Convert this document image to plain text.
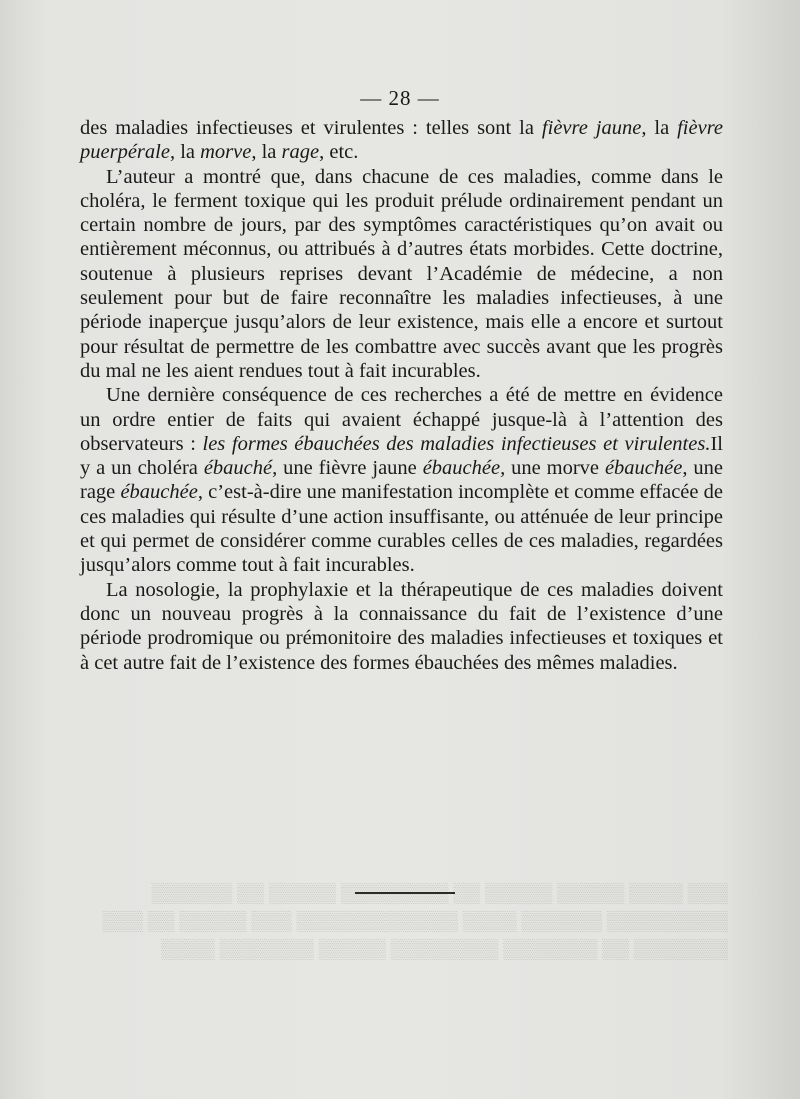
▒▒▒ ▒▒▒▒ ▒▒▒▒▒ ▒▒▒▒▒ ▒▒ ▒▒▒▒▒▒▒▒ ▒▒▒▒▒ ▒▒ ▒▒▒▒▒▒
▒▒▒▒▒▒▒▒▒ ▒▒▒▒▒▒ ▒▒▒▒ ▒▒▒▒▒▒▒▒▒▒▒▒ ▒▒▒ ▒▒▒▒▒ ▒▒ ▒▒▒
▒▒▒▒▒▒▒ ▒▒ ▒▒▒▒▒▒▒ ▒▒▒▒▒▒▒▒ ▒▒▒▒▒ ▒▒▒▒▒▒▒ ▒▒▒▒
— 28 —

des maladies infectieuses et virulentes : telles sont la fièvre jaune, la fièvre puerpérale, la morve, la rage, etc.

L’auteur a montré que, dans chacune de ces maladies, comme dans le choléra, le ferment toxique qui les produit prélude ordinairement pendant un certain nombre de jours, par des symptômes caractéristiques qu’on avait ou entièrement méconnus, ou attribués à d’autres états morbides. Cette doctrine, soutenue à plusieurs reprises devant l’Académie de médecine, a non seulement pour but de faire reconnaître les maladies infectieuses, à une période inaperçue jusqu’alors de leur existence, mais elle a encore et surtout pour résultat de permettre de les combattre avec succès avant que les progrès du mal ne les aient rendues tout à fait incurables.

Une dernière conséquence de ces recherches a été de mettre en évidence un ordre entier de faits qui avaient échappé jusque-là à l’attention des observateurs : les formes ébauchées des maladies infectieuses et virulentes.Il y a un choléra ébauché, une fièvre jaune ébauchée, une morve ébauchée, une rage ébauchée, c’est-à-dire une manifestation incomplète et comme effacée de ces maladies qui résulte d’une action insuffisante, ou atténuée de leur principe et qui permet de considérer comme curables celles de ces maladies, regardées jusqu’alors comme tout à fait incurables.

La nosologie, la prophylaxie et la thérapeutique de ces maladies doivent donc un nouveau progrès à la connaissance du fait de l’existence d’une période prodromique ou prémonitoire des maladies infectieuses et toxiques et à cet autre fait de l’existence des formes ébauchées des mêmes maladies.
